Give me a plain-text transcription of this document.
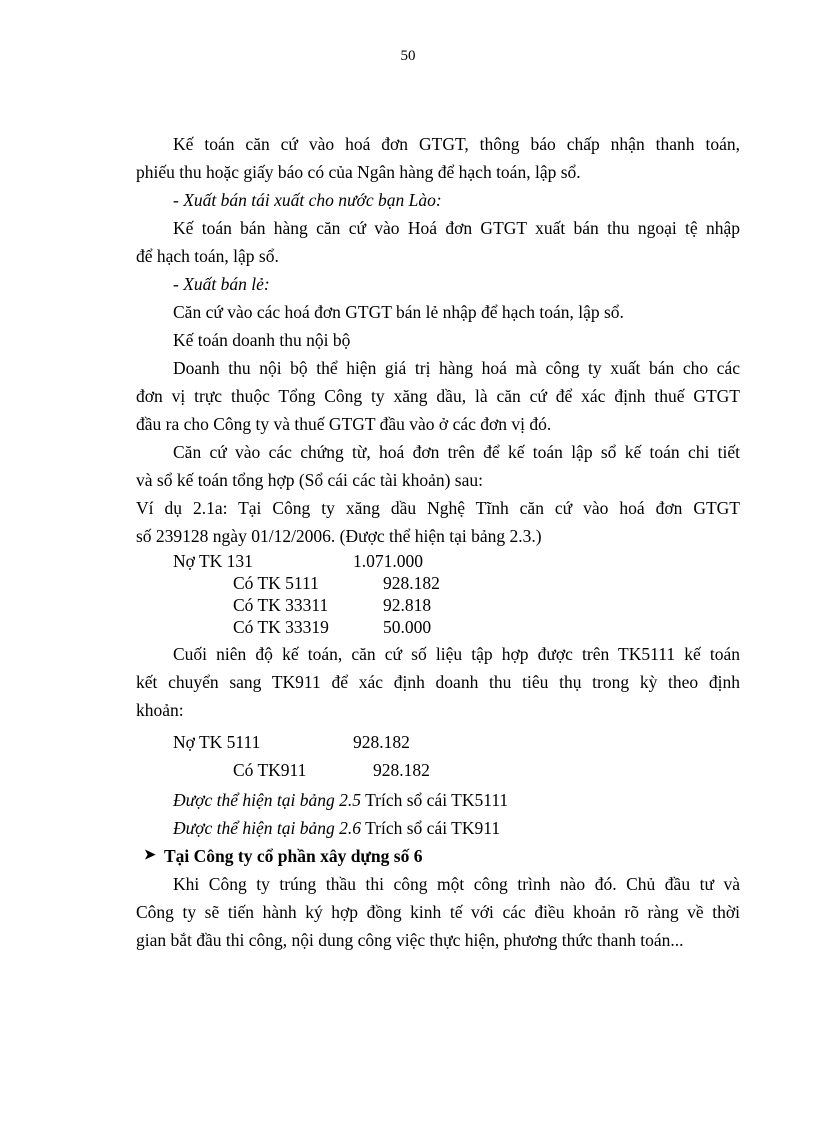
50

Kế toán căn cứ vào hoá đơn GTGT, thông báo chấp nhận thanh toán,

phiếu thu hoặc giấy báo có của Ngân hàng để hạch toán, lập sổ.

- Xuất bán tái xuất cho nước bạn Lào:

Kế toán bán hàng căn cứ vào Hoá đơn GTGT xuất bán thu ngoại tệ nhập

để hạch toán, lập sổ.

- Xuất bán lẻ:

Căn cứ vào các hoá đơn GTGT bán lẻ nhập để hạch toán, lập sổ.

Kế toán doanh thu nội bộ

Doanh thu nội bộ thể hiện giá trị hàng hoá mà công ty xuất bán cho các

đơn vị trực thuộc Tổng Công ty xăng dầu, là căn cứ để xác định thuế GTGT

đầu ra cho Công ty và thuế GTGT đầu vào ở các đơn vị đó.

Căn cứ vào các chứng từ, hoá đơn trên để kế toán lập sổ kế toán chi tiết

và sổ kế toán tổng hợp (Sổ cái các tài khoản) sau:

Ví dụ 2.1a: Tại Công ty xăng dầu Nghệ Tĩnh căn cứ vào hoá đơn GTGT

số 239128 ngày 01/12/2006. (Được thể hiện tại bảng 2.3.)

Nợ TK 131	1.071.000
Có TK 5111	928.182
Có TK 33311	92.818
Có TK 33319	50.000

Cuối niên độ kế toán, căn cứ số liệu tập hợp được trên TK5111 kế toán

kết chuyển sang TK911 để xác định doanh thu tiêu thụ trong kỳ theo định

khoản:

Nợ TK 5111	928.182
Có TK911	928.182

Được thể hiện tại bảng 2.5 Trích sổ cái TK5111

Được thể hiện tại bảng 2.6 Trích sổ cái TK911

➤ Tại Công ty cổ phần xây dựng số 6

Khi Công ty trúng thầu thi công một công trình nào đó. Chủ đầu tư và

Công ty sẽ tiến hành ký hợp đồng kinh tế với các điều khoản rõ ràng về thời

gian bắt đầu thi công, nội dung công việc thực hiện, phương thức thanh toán...
